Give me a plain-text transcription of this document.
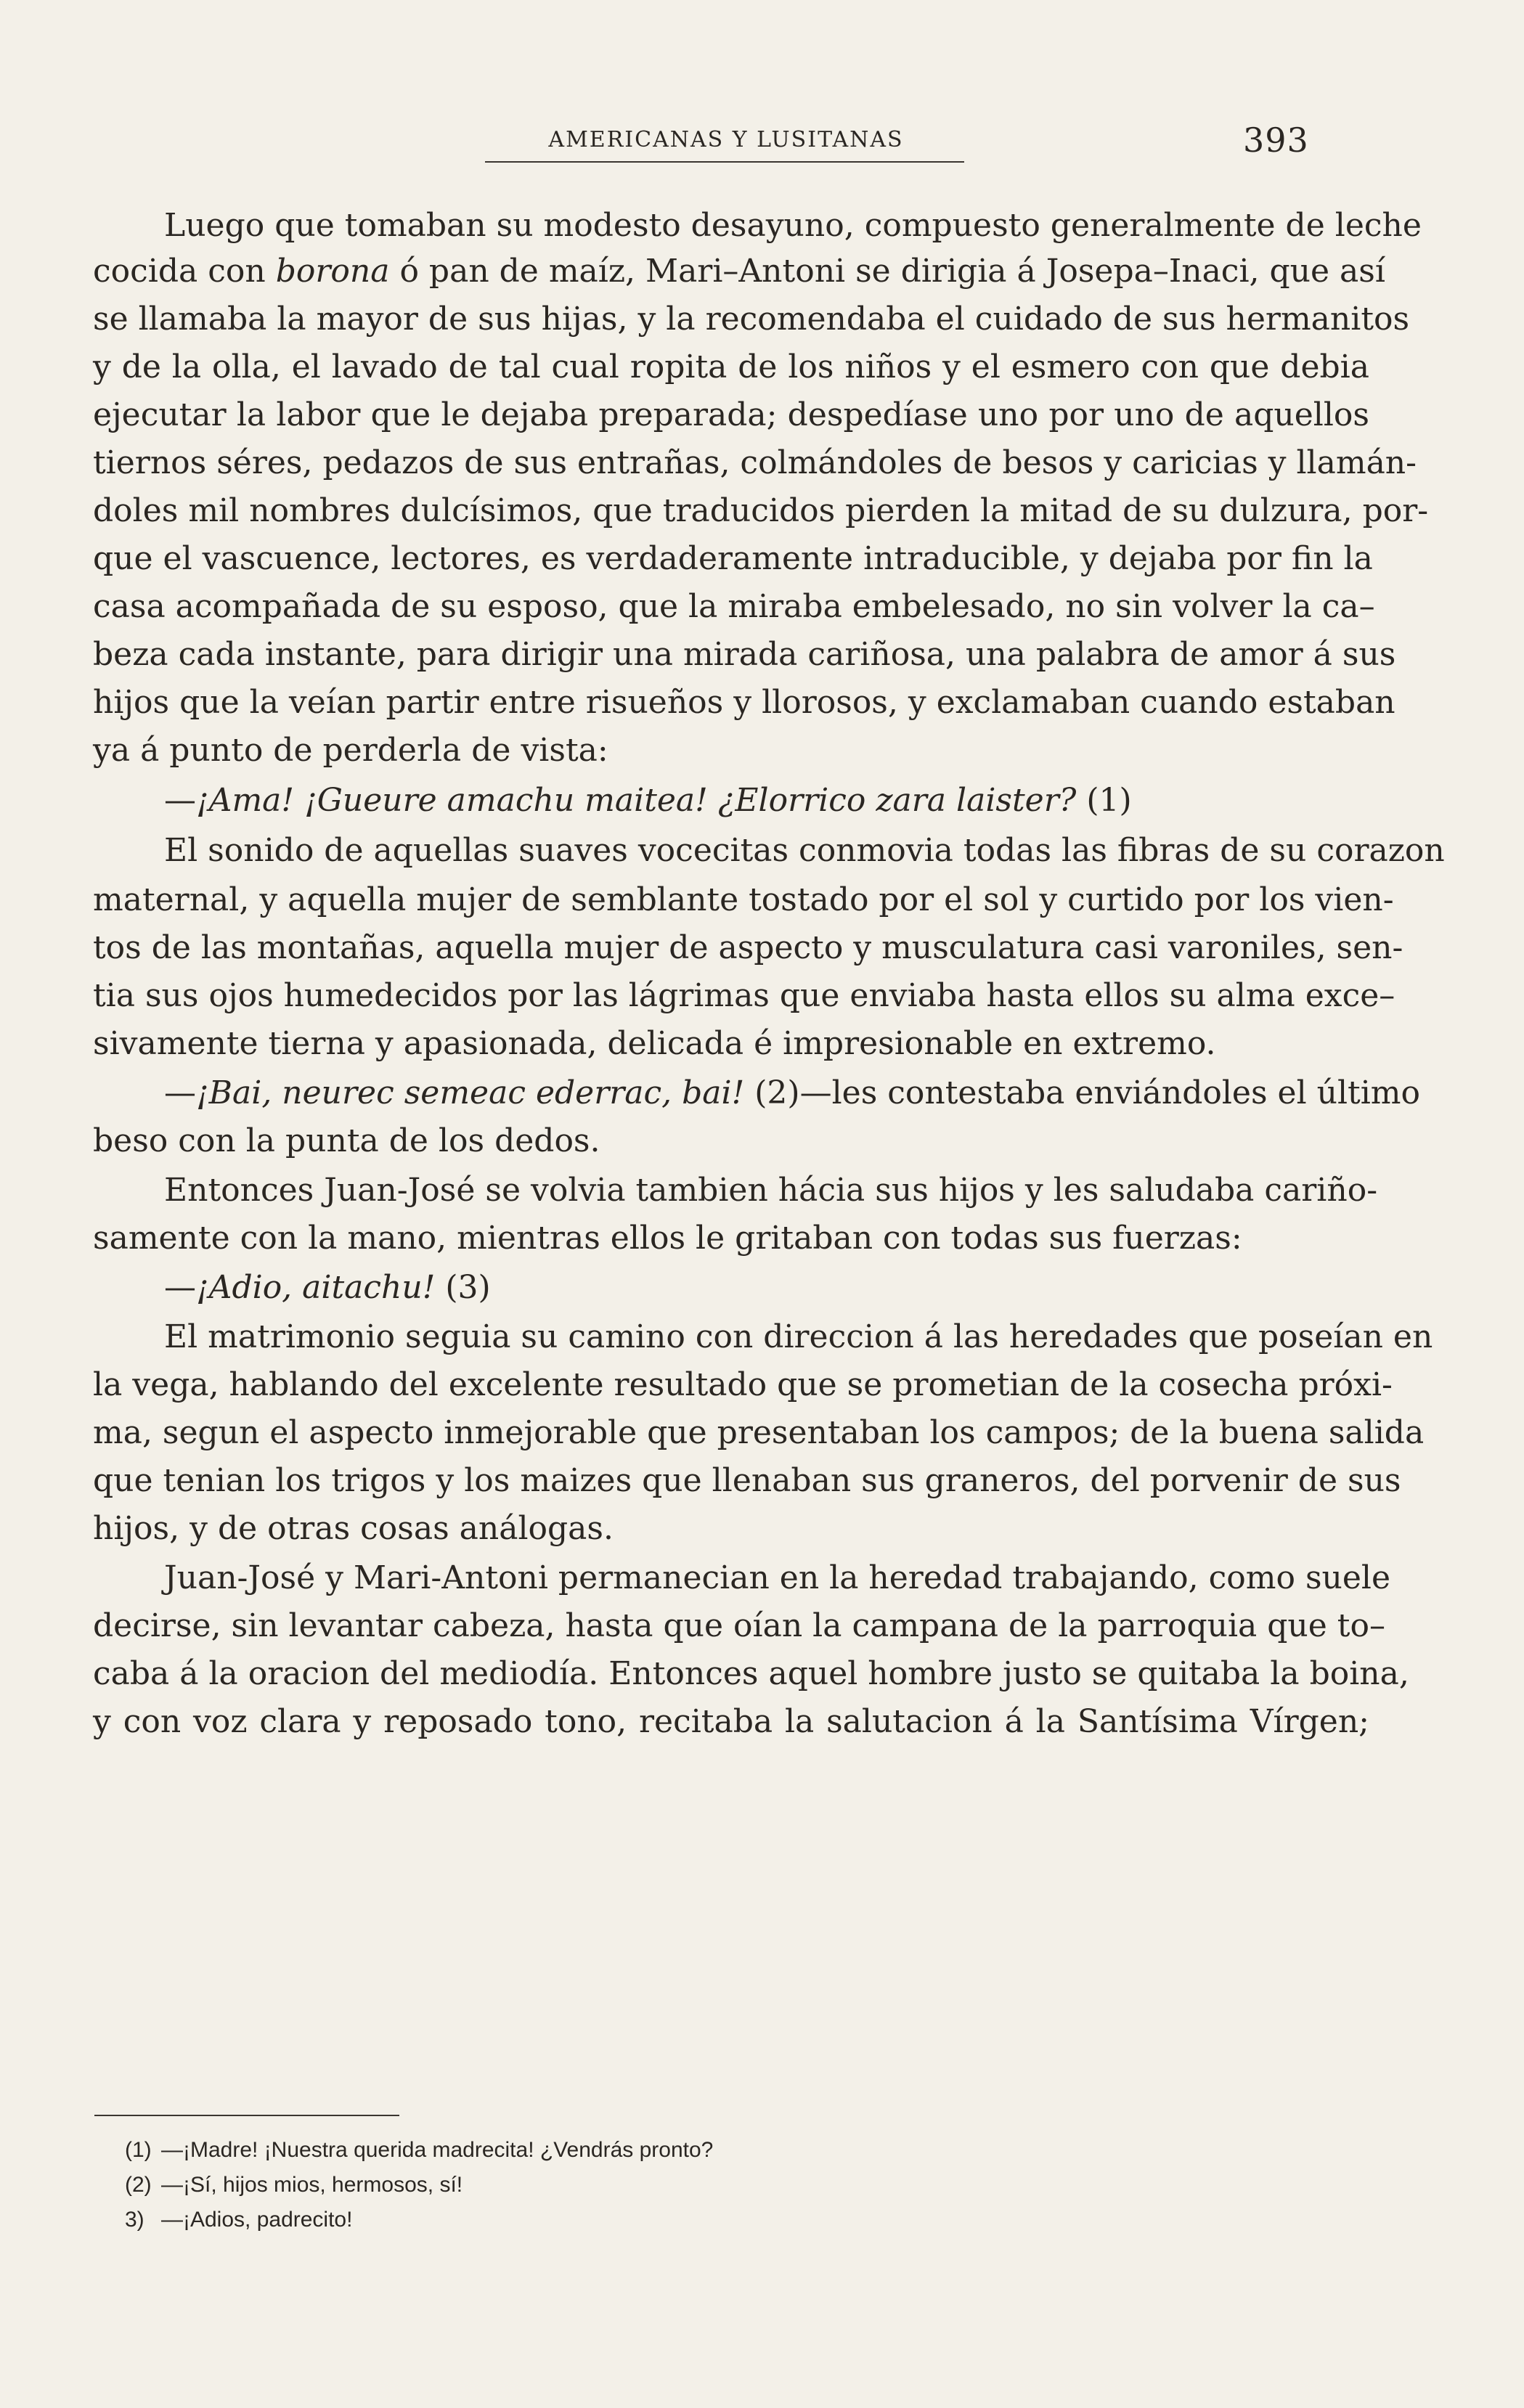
AMERICANAS Y LUSITANAS	393
Luego que tomaban su modesto desayuno, compuesto generalmente de leche
cocida con borona ó pan de maíz, Mari–Antoni se dirigia á Josepa–Inaci, que así
se llamaba la mayor de sus hijas, y la recomendaba el cuidado de sus hermanitos
y de la olla, el lavado de tal cual ropita de los niños y el esmero con que debia
ejecutar la labor que le dejaba preparada; despedíase uno por uno de aquellos
tiernos séres, pedazos de sus entrañas, colmándoles de besos y caricias y llamán-
doles mil nombres dulcísimos, que traducidos pierden la mitad de su dulzura, por-
que el vascuence, lectores, es verdaderamente intraducible, y dejaba por fin la
casa acompañada de su esposo, que la miraba embelesado, no sin volver la ca–
beza cada instante, para dirigir una mirada cariñosa, una palabra de amor á sus
hijos que la veían partir entre risueños y llorosos, y exclamaban cuando estaban
ya á punto de perderla de vista:
—¡Ama! ¡Gueure amachu maitea! ¿Elorrico zara laister? (1)
El sonido de aquellas suaves vocecitas conmovia todas las fibras de su corazon
maternal, y aquella mujer de semblante tostado por el sol y curtido por los vien-
tos de las montañas, aquella mujer de aspecto y musculatura casi varoniles, sen-
tia sus ojos humedecidos por las lágrimas que enviaba hasta ellos su alma exce–
sivamente tierna y apasionada, delicada é impresionable en extremo.
—¡Bai, neurec semeac ederrac, bai! (2)—les contestaba enviándoles el último
beso con la punta de los dedos.
Entonces Juan-José se volvia tambien hácia sus hijos y les saludaba cariño-
samente con la mano, mientras ellos le gritaban con todas sus fuerzas:
—¡Adio, aitachu! (3)
El matrimonio seguia su camino con direccion á las heredades que poseían en
la vega, hablando del excelente resultado que se prometian de la cosecha próxi-
ma, segun el aspecto inmejorable que presentaban los campos; de la buena salida
que tenian los trigos y los maizes que llenaban sus graneros, del porvenir de sus
hijos, y de otras cosas análogas.
Juan-José y Mari-Antoni permanecian en la heredad trabajando, como suele
decirse, sin levantar cabeza, hasta que oían la campana de la parroquia que to–
caba á la oracion del mediodía. Entonces aquel hombre justo se quitaba la boina,
y con voz clara y reposado tono, recitaba la salutacion á la Santísima Vírgen;
(1) —¡Madre! ¡Nuestra querida madrecita! ¿Vendrás pronto?
(2) —¡Sí, hijos mios, hermosos, sí!
3) —¡Adios, padrecito!
